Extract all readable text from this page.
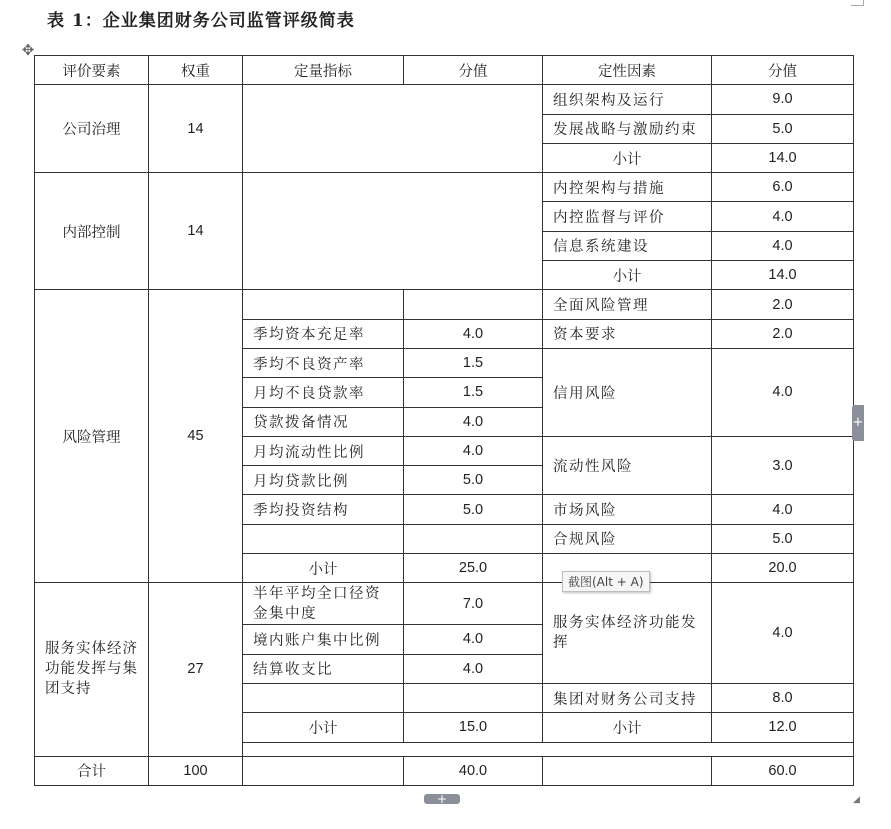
表 1：企业集团财务公司监管评级简表
✥
评价要素	权重	定量指标	分值	定性因素	分值
公司治理	14			组织架构及运行	9.0
				发展战略与激励约束	5.0
				小计	14.0
内部控制	14			内控架构与措施	6.0
				内控监督与评价	4.0
				信息系统建设	4.0
				小计	14.0
风险管理	45			全面风险管理	2.0
		季均资本充足率	4.0	资本要求	2.0
		季均不良资产率	1.5	信用风险	4.0
		月均不良贷款率	1.5		
		贷款拨备情况	4.0		
		月均流动性比例	4.0	流动性风险	3.0
		月均贷款比例	5.0		
		季均投资结构	5.0	市场风险	4.0
				合规风险	5.0
		小计	25.0		20.0
服务实体经济功能发挥与集团支持	27	半年平均全口径资金集中度	7.0	服务实体经济功能发挥	4.0
		境内账户集中比例	4.0		
		结算收支比	4.0		
				集团对财务公司支持	8.0
		小计	15.0	小计	12.0

合计	100		40.0		60.0
截图(Alt + A)
+
+	◢
